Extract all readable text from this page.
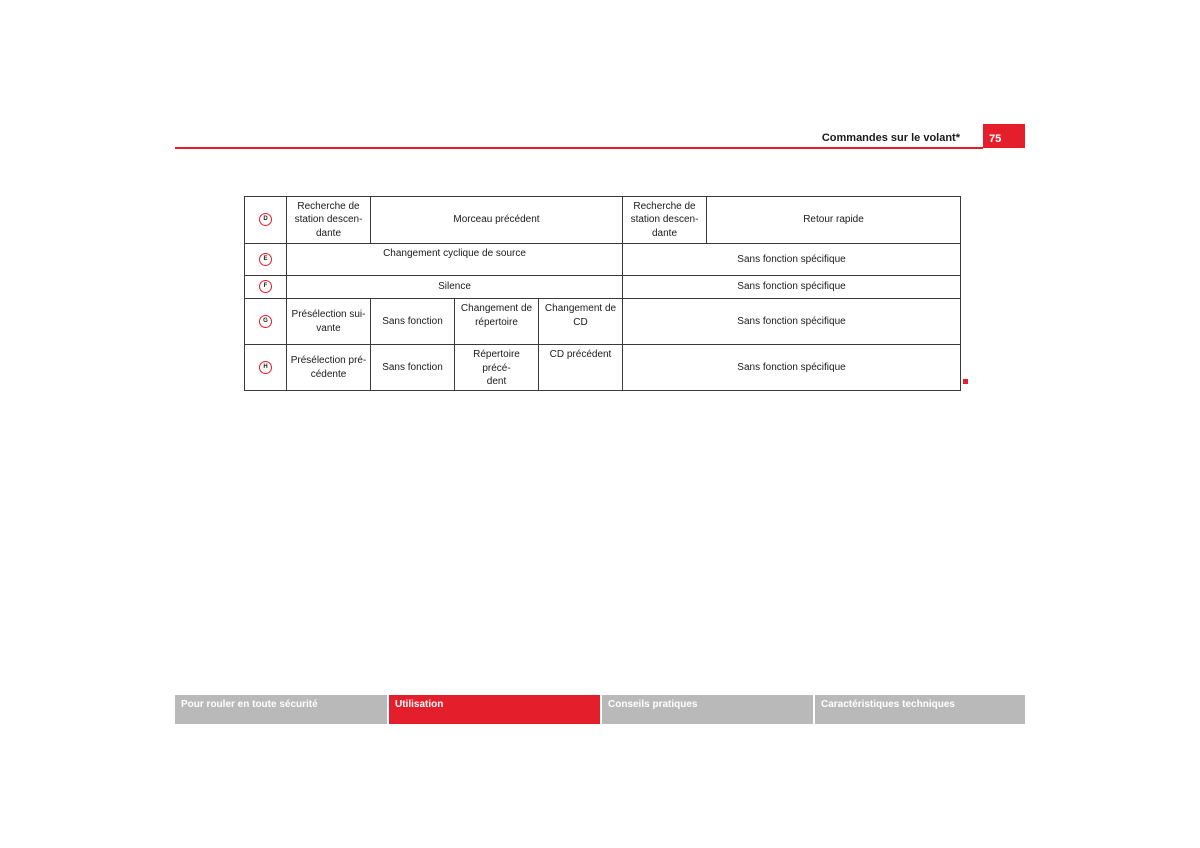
Commandes sur le volant*	75
D	Recherche de
station descen-
dante	Morceau précédent			Recherche de
station descen-
dante	Retour rapide
E	Changement cyclique de source				Sans fonction spécifique	
F	Silence				Sans fonction spécifique	
G	Présélection sui-
vante	Sans fonction	Changement de
répertoire	Changement de
CD	Sans fonction spécifique	
H	Présélection pré-
cédente	Sans fonction	Répertoire précé-
dent	CD précédent	Sans fonction spécifique	
Pour rouler en toute sécurité	Utilisation	Conseils pratiques	Caractéristiques techniques
